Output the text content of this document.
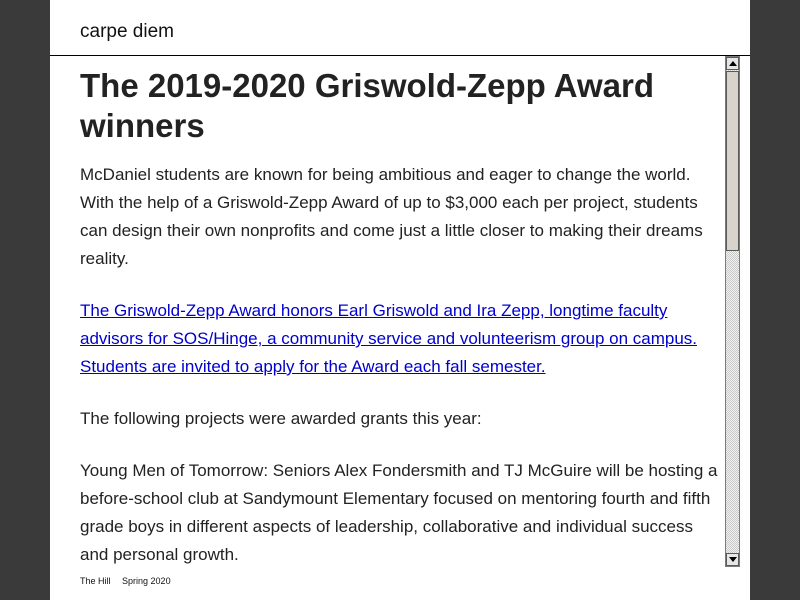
carpe diem
The 2019-2020 Griswold-Zepp Award winners

McDaniel students are known for being ambitious and eager to change the world. With the help of a Griswold-Zepp Award of up to $3,000 each per project, students can design their own nonprofits and come just a little closer to making their dreams reality.

The Griswold-Zepp Award honors Earl Griswold and Ira Zepp, longtime faculty advisors for SOS/Hinge, a community service and volunteerism group on campus. Students are invited to apply for the Award each fall semester.

The following projects were awarded grants this year:

Young Men of Tomorrow: Seniors Alex Fondersmith and TJ McGuire will be hosting a before-school club at Sandymount Elementary focused on mentoring fourth and fifth grade boys in different aspects of leadership, collaborative and individual success and personal growth.

The Hill Spring 2020
